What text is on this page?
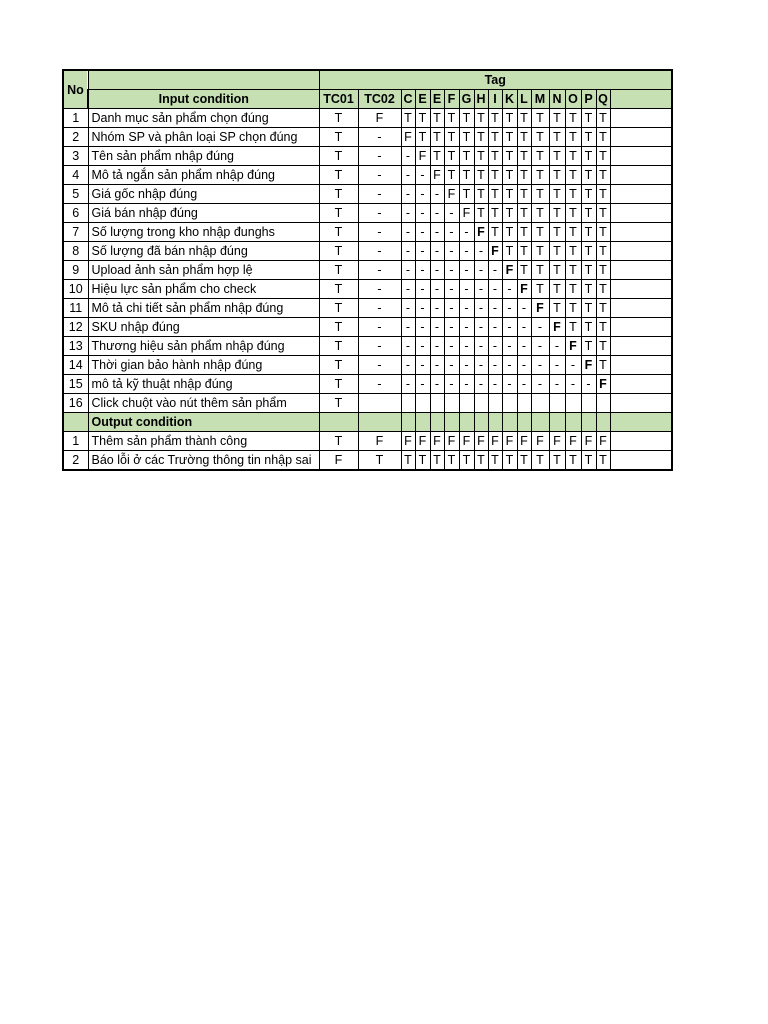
No		Tag																
	Input condition	TC01	TC02	C	E	E	F	G	H	I	K	L	M	N	O	P	Q	
1	Danh mục sản phẩm chọn đúng	T	F	T	T	T	T	T	T	T	T	T	T	T	T	T	T	
2	Nhóm SP và phân loại SP chọn đúng	T	-	F	T	T	T	T	T	T	T	T	T	T	T	T	T	
3	Tên sản phẩm nhập đúng	T	-	-	F	T	T	T	T	T	T	T	T	T	T	T	T	
4	Mô tả ngắn sản phẩm nhập đúng	T	-	-	-	F	T	T	T	T	T	T	T	T	T	T	T	
5	Giá gốc nhập đúng	T	-	-	-	-	F	T	T	T	T	T	T	T	T	T	T	
6	Giá bán nhập đúng	T	-	-	-	-	-	F	T	T	T	T	T	T	T	T	T	
7	Số lượng trong kho nhập đunghs	T	-	-	-	-	-	-	F	T	T	T	T	T	T	T	T	
8	Số lượng đã bán nhập đúng	T	-	-	-	-	-	-	-	F	T	T	T	T	T	T	T	
9	Upload ảnh sản phẩm hợp lệ	T	-	-	-	-	-	-	-	-	F	T	T	T	T	T	T	
10	Hiệu lực sản phẩm cho check	T	-	-	-	-	-	-	-	-	-	F	T	T	T	T	T	
11	Mô tả chi tiết sản phẩm nhập đúng	T	-	-	-	-	-	-	-	-	-	-	F	T	T	T	T	
12	SKU nhập đúng	T	-	-	-	-	-	-	-	-	-	-	-	F	T	T	T	
13	Thương hiệu sản phẩm nhập đúng	T	-	-	-	-	-	-	-	-	-	-	-	-	F	T	T	
14	Thời gian bảo hành nhập đúng	T	-	-	-	-	-	-	-	-	-	-	-	-	-	F	T	
15	mô tả kỹ thuật nhập đúng	T	-	-	-	-	-	-	-	-	-	-	-	-	-	-	F	
16	Click chuột vào nút thêm sản phẩm	T																
	Output condition																	
1	Thêm sản phẩm thành công	T	F	F	F	F	F	F	F	F	F	F	F	F	F	F	F	
2	Báo lỗi ở các Trường thông tin nhập sai	F	T	T	T	T	T	T	T	T	T	T	T	T	T	T	T	
